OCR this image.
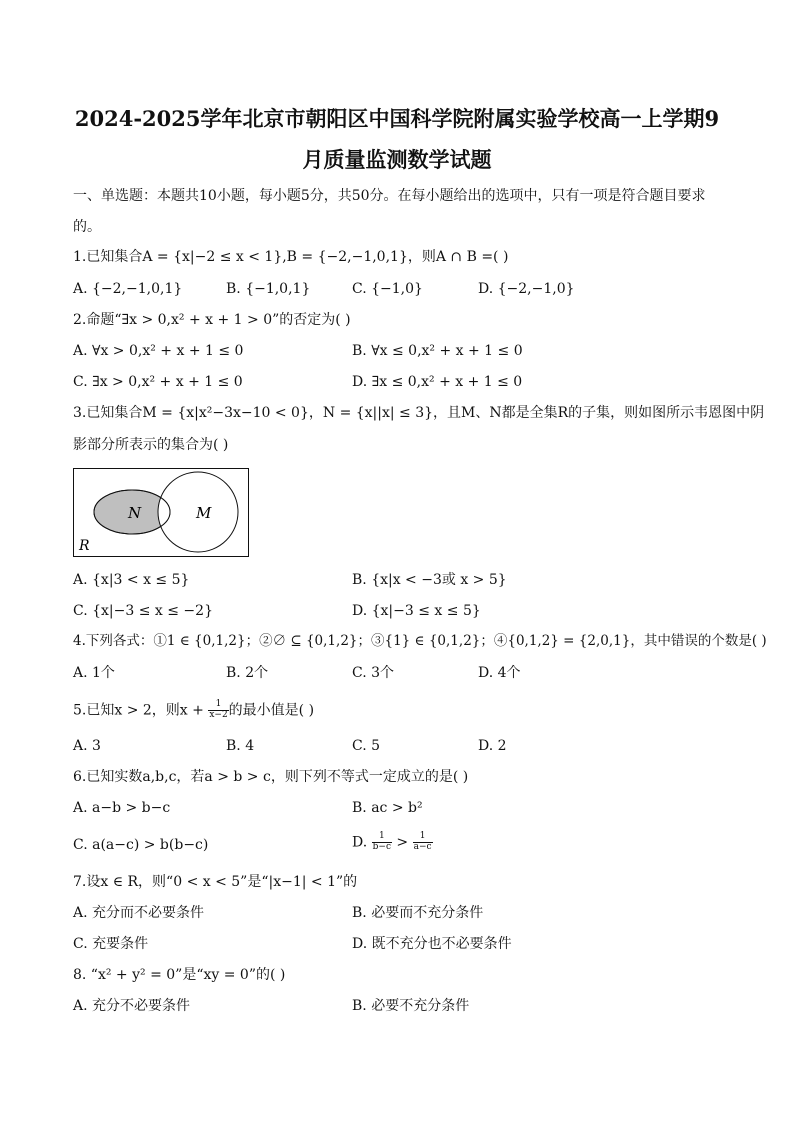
2024-2025学年北京市朝阳区中国科学院附属实验学校高一上学期9
月质量监测数学试题
一、单选题：本题共10小题，每小题5分，共50分。在每小题给出的选项中，只有一项是符合题目要求
的。
1.已知集合A = {x|−2 ≤ x < 1},B = {−2,−1,0,1}，则A ∩ B =( )
A. {−2,−1,0,1}	B. {−1,0,1}	C. {−1,0}	D. {−2,−1,0}
2.命题“∃x > 0,x² + x + 1 > 0”的否定为( )
A. ∀x > 0,x² + x + 1 ≤ 0	B. ∀x ≤ 0,x² + x + 1 ≤ 0
C. ∃x > 0,x² + x + 1 ≤ 0	D. ∃x ≤ 0,x² + x + 1 ≤ 0
3.已知集合M = {x|x²−3x−10 < 0}，N = {x||x| ≤ 3}，且M、N都是全集R的子集，则如图所示韦恩图中阴
影部分所表示的集合为( )
N	M
R
A. {x|3 < x ≤ 5}	B. {x|x < −3或 x > 5}
C. {x|−3 ≤ x ≤ −2}	D. {x|−3 ≤ x ≤ 5}
4.下列各式：①1 ∈ {0,1,2}；②∅ ⊆ {0,1,2}；③{1} ∈ {0,1,2}；④{0,1,2} = {2,0,1}，其中错误的个数是( )
A. 1个	B. 2个	C. 3个	D. 4个
5.已知x > 2，则$x + \frac{1}{x-2}$ 的最小值是( )
A. 3	B. 4	C. 5	D. 2
6.已知实数a,b,c，若a > b > c，则下列不等式一定成立的是( )
A. a−b > b−c	B. ac > b²
C. a(a−c) > b(b−c)	D. $\frac{1}{b-c} > \frac{1}{a-c}$
7.设x ∈ R，则“0 < x < 5”是“|x−1| < 1”的
A. 充分而不必要条件	B. 必要而不充分条件
C. 充要条件	D. 既不充分也不必要条件
8. “x² + y² = 0”是“xy = 0”的( )
A. 充分不必要条件	B. 必要不充分条件
